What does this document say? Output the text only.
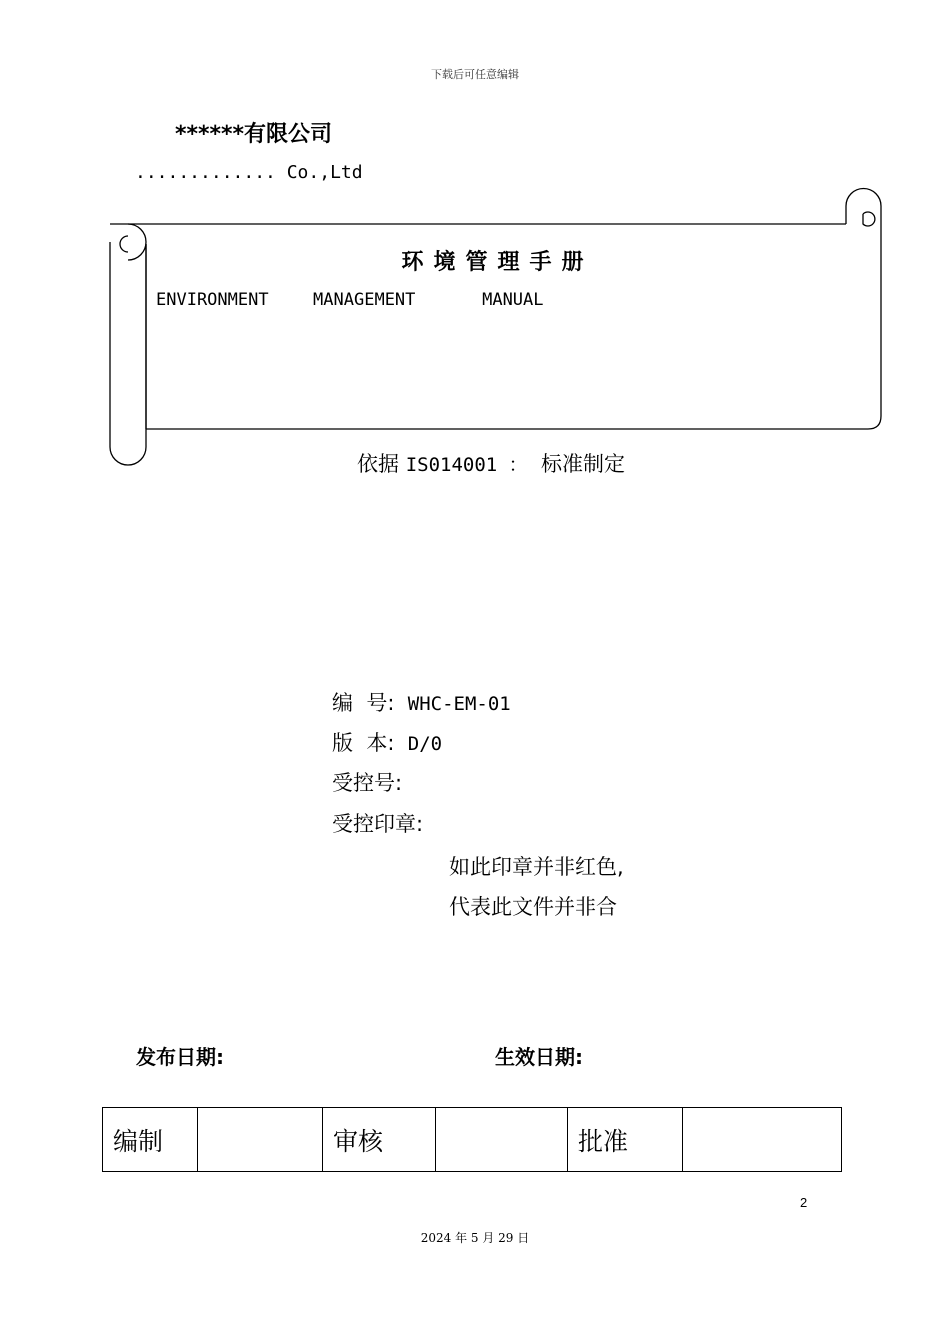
下载后可任意编辑
******有限公司
............. Co.,Ltd
环境管理手册
ENVIRONMENT  MANAGEMENT   MANUAL
依据 IS014001 ： 标准制定
编  号: WHC-EM-01
版  本: D/0
受控号:
受控印章:
如此印章并非红色,
代表此文件并非合
发布日期:	生效日期:
编制		审核		批准	
2
2024 年 5 月 29 日
